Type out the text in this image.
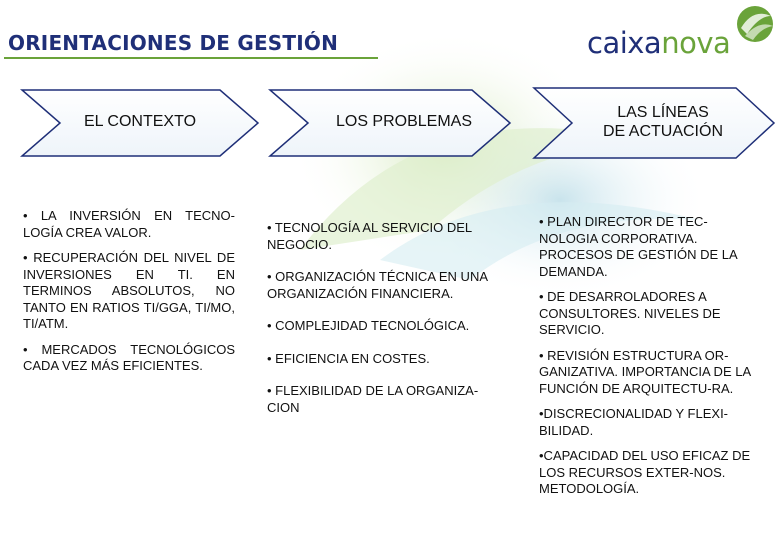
ORIENTACIONES DE GESTIÓN	caixanova
EL CONTEXTO	LOS PROBLEMAS
LAS LÍNEAS
DE ACTUACIÓN

• LA INVERSIÓN EN TECNO-LOGÍA CREA VALOR.

• RECUPERACIÓN DEL NIVEL DE INVERSIONES EN TI. EN TERMINOS ABSOLUTOS, NO TANTO EN RATIOS TI/GGA, TI/MO, TI/ATM.

• MERCADOS TECNOLÓGICOS CADA VEZ MÁS EFICIENTES.

• TECNOLOGÍA AL SERVICIO DEL NEGOCIO.

• ORGANIZACIÓN TÉCNICA EN UNA ORGANIZACIÓN FINANCIERA.

• COMPLEJIDAD TECNOLÓGICA.

• EFICIENCIA EN COSTES.

• FLEXIBILIDAD DE LA ORGANIZA-CION

• PLAN DIRECTOR DE TEC-NOLOGIA CORPORATIVA. PROCESOS DE GESTIÓN DE LA DEMANDA.

• DE DESARROLADORES A CONSULTORES. NIVELES DE SERVICIO.

• REVISIÓN ESTRUCTURA OR-GANIZATIVA. IMPORTANCIA DE LA FUNCIÓN DE ARQUITECTU-RA.

•DISCRECIONALIDAD Y FLEXI-BILIDAD.

•CAPACIDAD DEL USO EFICAZ DE LOS RECURSOS EXTER-NOS. METODOLOGÍA.
